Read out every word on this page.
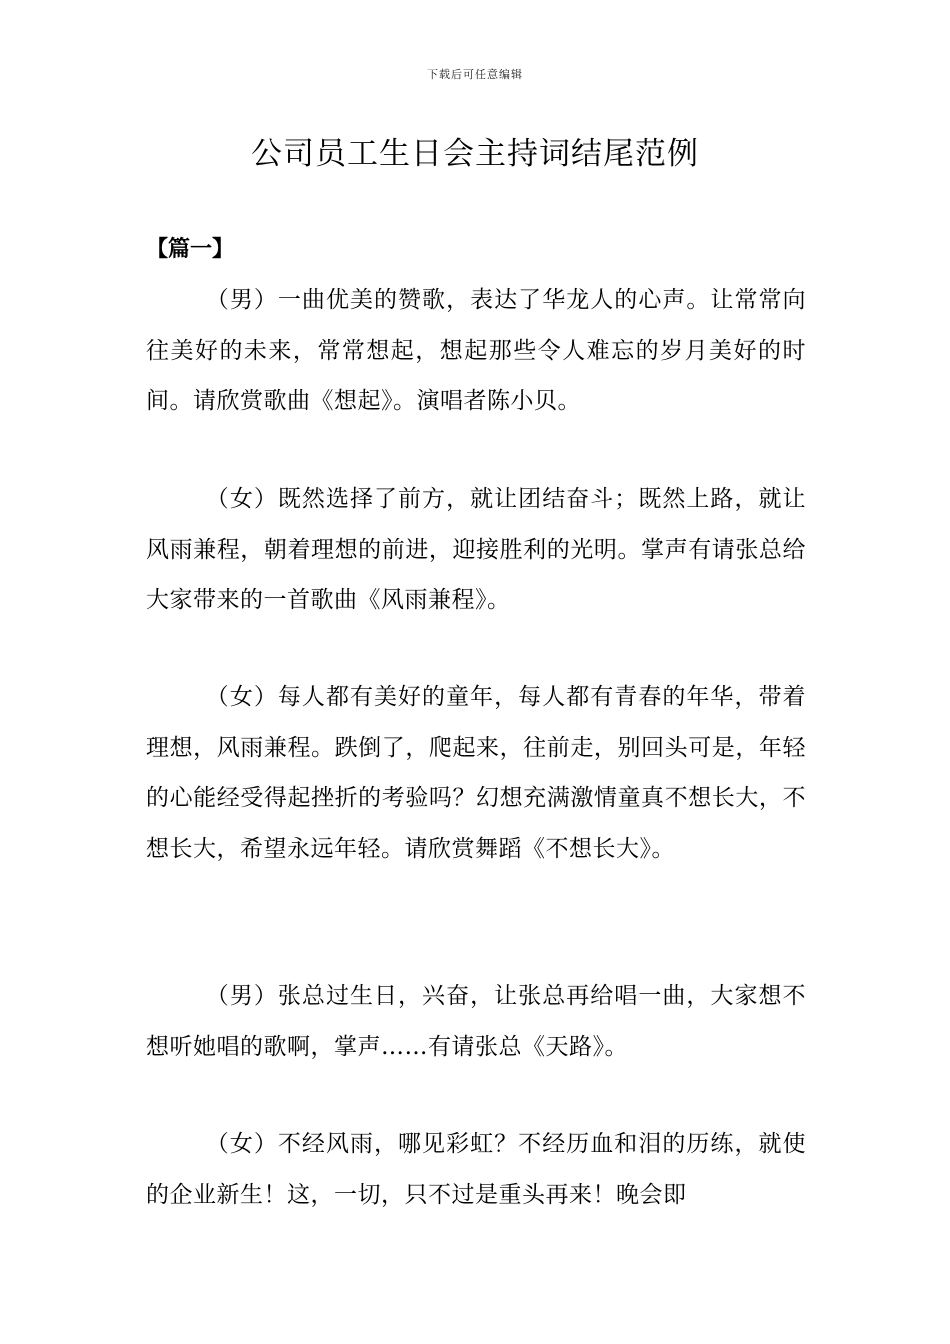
下载后可任意编辑
公司员工生日会主持词结尾范例
【篇一】

（男）一曲优美的赞歌，表达了华龙人的心声。让常常向往美好的未来，常常想起，想起那些令人难忘的岁月美好的时间。请欣赏歌曲《想起》。演唱者陈小贝。

（女）既然选择了前方，就让团结奋斗；既然上路，就让风雨兼程，朝着理想的前进，迎接胜利的光明。掌声有请张总给大家带来的一首歌曲《风雨兼程》。

（女）每人都有美好的童年，每人都有青春的年华，带着理想，风雨兼程。跌倒了，爬起来，往前走，别回头可是，年轻的心能经受得起挫折的考验吗？幻想充满激情童真不想长大，不想长大，希望永远年轻。请欣赏舞蹈《不想长大》。

（男）张总过生日，兴奋，让张总再给唱一曲，大家想不想听她唱的歌啊，掌声……有请张总《天路》。

（女）不经风雨，哪见彩虹？不经历血和泪的历练，就使的企业新生！这，一切，只不过是重头再来！晚会即
